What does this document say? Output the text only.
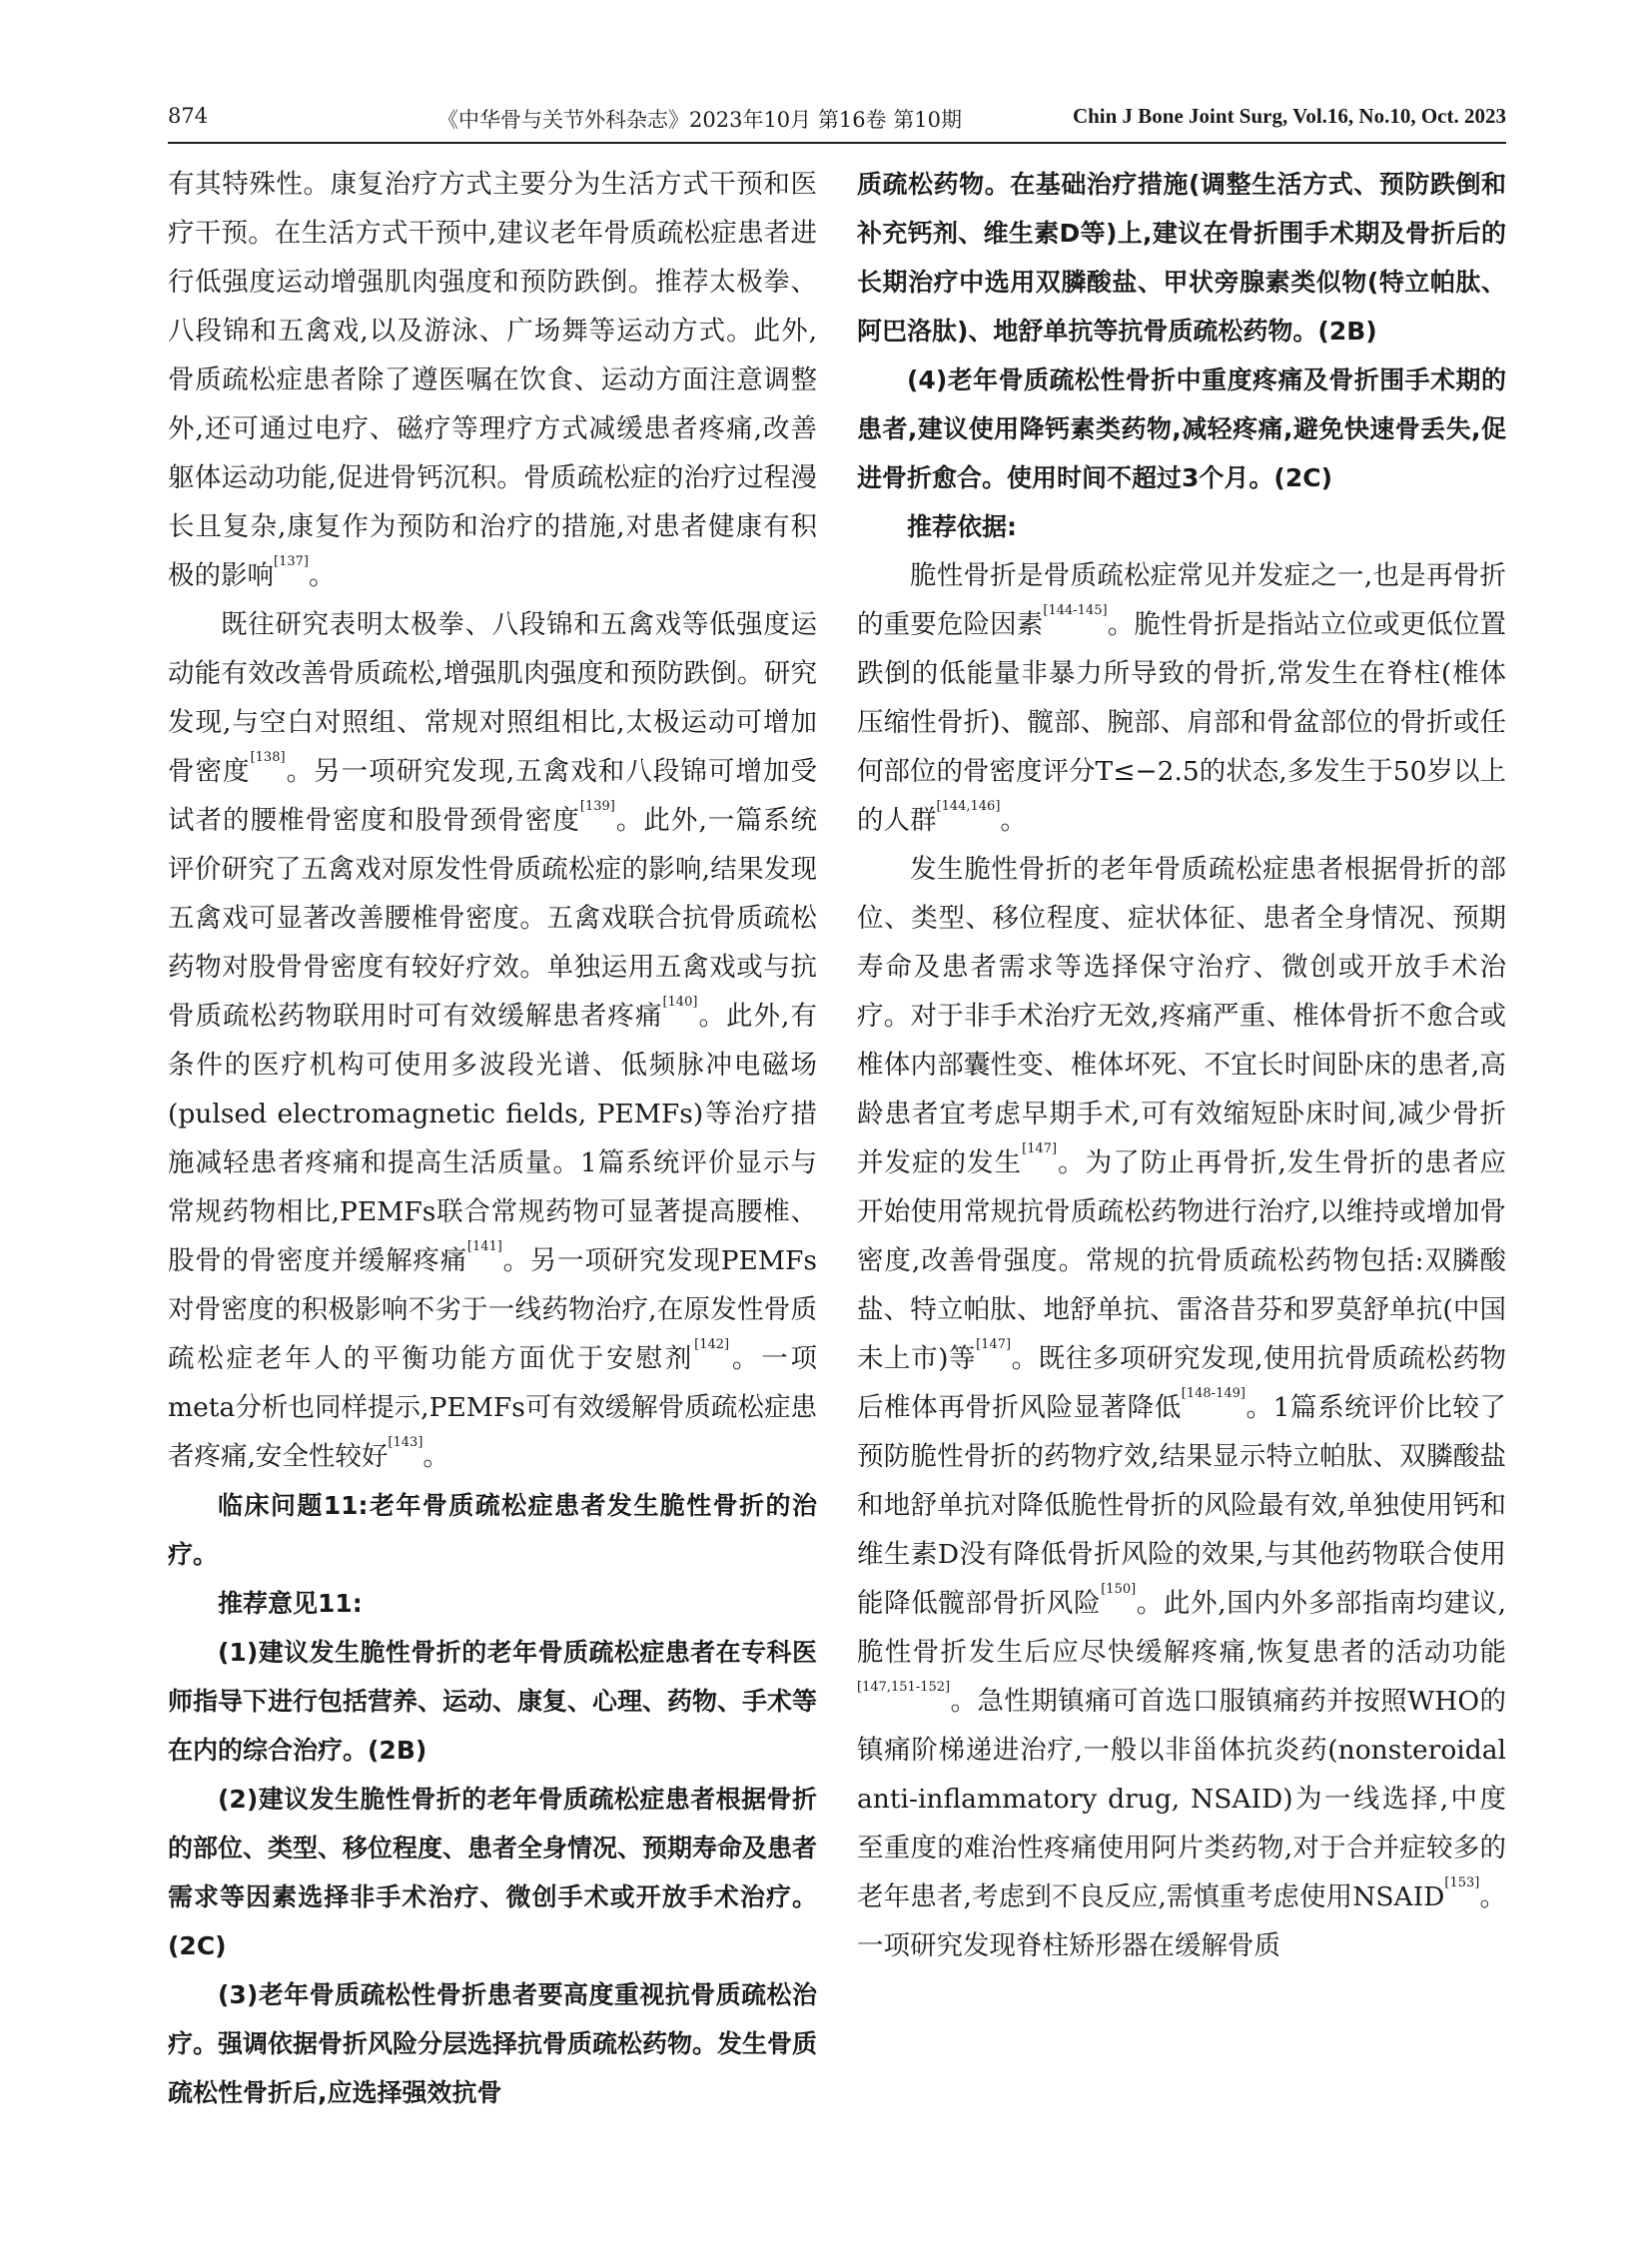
874	《中华骨与关节外科杂志》2023年10月 第16卷 第10期	Chin J Bone Joint Surg, Vol.16, No.10, Oct. 2023

有其特殊性。康复治疗方式主要分为生活方式干预和医疗干预。在生活方式干预中,建议老年骨质疏松症患者进行低强度运动增强肌肉强度和预防跌倒。推荐太极拳、八段锦和五禽戏,以及游泳、广场舞等运动方式。此外,骨质疏松症患者除了遵医嘱在饮食、运动方面注意调整外,还可通过电疗、磁疗等理疗方式减缓患者疼痛,改善躯体运动功能,促进骨钙沉积。骨质疏松症的治疗过程漫长且复杂,康复作为预防和治疗的措施,对患者健康有积极的影响[137]。

既往研究表明太极拳、八段锦和五禽戏等低强度运动能有效改善骨质疏松,增强肌肉强度和预防跌倒。研究发现,与空白对照组、常规对照组相比,太极运动可增加骨密度[138]。另一项研究发现,五禽戏和八段锦可增加受试者的腰椎骨密度和股骨颈骨密度[139]。此外,一篇系统评价研究了五禽戏对原发性骨质疏松症的影响,结果发现五禽戏可显著改善腰椎骨密度。五禽戏联合抗骨质疏松药物对股骨骨密度有较好疗效。单独运用五禽戏或与抗骨质疏松药物联用时可有效缓解患者疼痛[140]。此外,有条件的医疗机构可使用多波段光谱、低频脉冲电磁场(pulsed electromagnetic fields, PEMFs)等治疗措施减轻患者疼痛和提高生活质量。1篇系统评价显示与常规药物相比,PEMFs联合常规药物可显著提高腰椎、股骨的骨密度并缓解疼痛[141]。另一项研究发现PEMFs对骨密度的积极影响不劣于一线药物治疗,在原发性骨质疏松症老年人的平衡功能方面优于安慰剂[142]。一项meta分析也同样提示,PEMFs可有效缓解骨质疏松症患者疼痛,安全性较好[143]。

临床问题11:老年骨质疏松症患者发生脆性骨折的治疗。

推荐意见11:

(1)建议发生脆性骨折的老年骨质疏松症患者在专科医师指导下进行包括营养、运动、康复、心理、药物、手术等在内的综合治疗。(2B)

(2)建议发生脆性骨折的老年骨质疏松症患者根据骨折的部位、类型、移位程度、患者全身情况、预期寿命及患者需求等因素选择非手术治疗、微创手术或开放手术治疗。(2C)

(3)老年骨质疏松性骨折患者要高度重视抗骨质疏松治疗。强调依据骨折风险分层选择抗骨质疏松药物。发生骨质疏松性骨折后,应选择强效抗骨

质疏松药物。在基础治疗措施(调整生活方式、预防跌倒和补充钙剂、维生素D等)上,建议在骨折围手术期及骨折后的长期治疗中选用双膦酸盐、甲状旁腺素类似物(特立帕肽、阿巴洛肽)、地舒单抗等抗骨质疏松药物。(2B)

(4)老年骨质疏松性骨折中重度疼痛及骨折围手术期的患者,建议使用降钙素类药物,减轻疼痛,避免快速骨丢失,促进骨折愈合。使用时间不超过3个月。(2C)

推荐依据:

脆性骨折是骨质疏松症常见并发症之一,也是再骨折的重要危险因素[144-145]。脆性骨折是指站立位或更低位置跌倒的低能量非暴力所导致的骨折,常发生在脊柱(椎体压缩性骨折)、髋部、腕部、肩部和骨盆部位的骨折或任何部位的骨密度评分T≤−2.5的状态,多发生于50岁以上的人群[144,146]。

发生脆性骨折的老年骨质疏松症患者根据骨折的部位、类型、移位程度、症状体征、患者全身情况、预期寿命及患者需求等选择保守治疗、微创或开放手术治疗。对于非手术治疗无效,疼痛严重、椎体骨折不愈合或椎体内部囊性变、椎体坏死、不宜长时间卧床的患者,高龄患者宜考虑早期手术,可有效缩短卧床时间,减少骨折并发症的发生[147]。为了防止再骨折,发生骨折的患者应开始使用常规抗骨质疏松药物进行治疗,以维持或增加骨密度,改善骨强度。常规的抗骨质疏松药物包括:双膦酸盐、特立帕肽、地舒单抗、雷洛昔芬和罗莫舒单抗(中国未上市)等[147]。既往多项研究发现,使用抗骨质疏松药物后椎体再骨折风险显著降低[148-149]。1篇系统评价比较了预防脆性骨折的药物疗效,结果显示特立帕肽、双膦酸盐和地舒单抗对降低脆性骨折的风险最有效,单独使用钙和维生素D没有降低骨折风险的效果,与其他药物联合使用能降低髋部骨折风险[150]。此外,国内外多部指南均建议,脆性骨折发生后应尽快缓解疼痛,恢复患者的活动功能[147,151-152]。急性期镇痛可首选口服镇痛药并按照WHO的镇痛阶梯递进治疗,一般以非甾体抗炎药(nonsteroidal anti-inflammatory drug, NSAID)为一线选择,中度至重度的难治性疼痛使用阿片类药物,对于合并症较多的老年患者,考虑到不良反应,需慎重考虑使用NSAID[153]。一项研究发现脊柱矫形器在缓解骨质
